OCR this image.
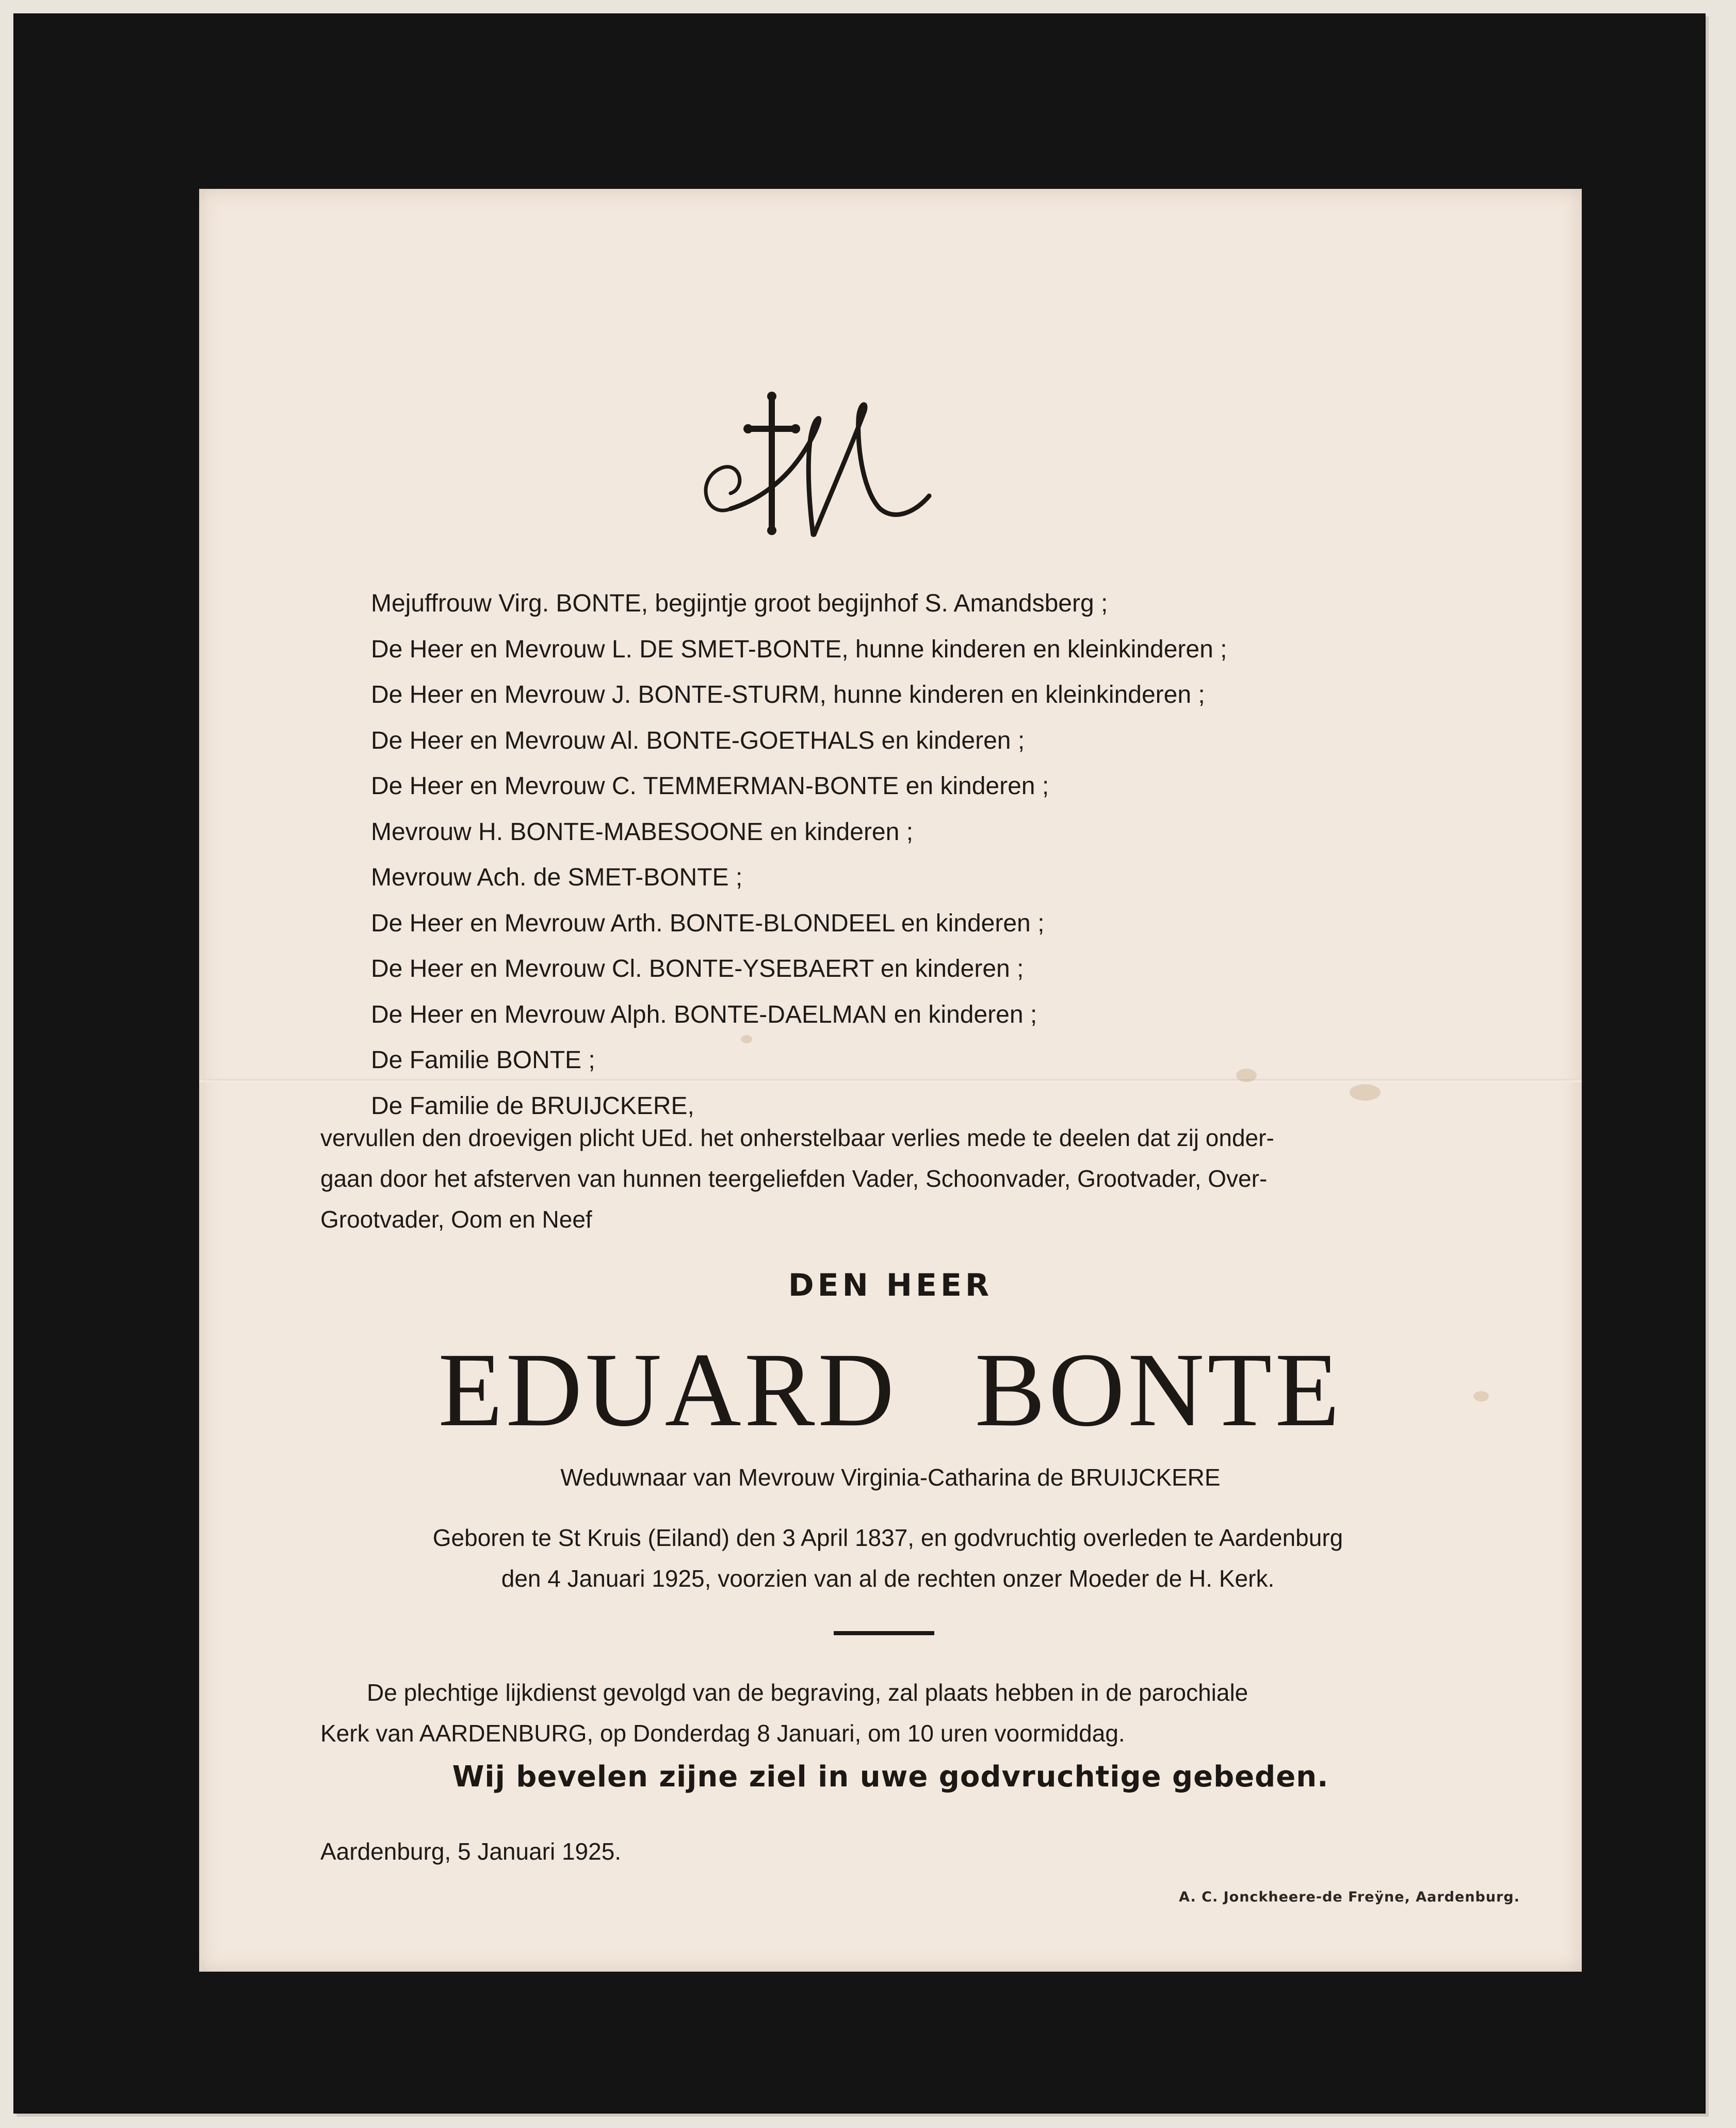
Mejuffrouw Virg. BONTE, begijntje groot begijnhof S. Amandsberg ;
De Heer en Mevrouw L. DE SMET-BONTE, hunne kinderen en kleinkinderen ;
De Heer en Mevrouw J. BONTE-STURM, hunne kinderen en kleinkinderen ;
De Heer en Mevrouw Al. BONTE-GOETHALS en kinderen ;
De Heer en Mevrouw C. TEMMERMAN-BONTE en kinderen ;
Mevrouw H. BONTE-MABESOONE en kinderen ;
Mevrouw Ach. de SMET-BONTE ;
De Heer en Mevrouw Arth. BONTE-BLONDEEL en kinderen ;
De Heer en Mevrouw Cl. BONTE-YSEBAERT en kinderen ;
De Heer en Mevrouw Alph. BONTE-DAELMAN en kinderen ;
De Familie BONTE ;
De Familie de BRUIJCKERE,
vervullen den droevigen plicht UEd. het onherstelbaar verlies mede te deelen dat zij onder-
gaan door het afsterven van hunnen teergeliefden Vader, Schoonvader, Grootvader, Over-
Grootvader, Oom en Neef
DEN HEER
EDUARD BONTE
Weduwnaar van Mevrouw Virginia-Catharina de BRUIJCKERE
Geboren te St Kruis (Eiland) den 3 April 1837, en godvruchtig overleden te Aardenburg
den 4 Januari 1925, voorzien van al de rechten onzer Moeder de H. Kerk.
De plechtige lijkdienst gevolgd van de begraving, zal plaats hebben in de parochiale
Kerk van AARDENBURG, op Donderdag 8 Januari, om 10 uren voormiddag.
Wij bevelen zijne ziel in uwe godvruchtige gebeden.
Aardenburg, 5 Januari 1925.
A. C. Jonckheere-de Freÿne, Aardenburg.
